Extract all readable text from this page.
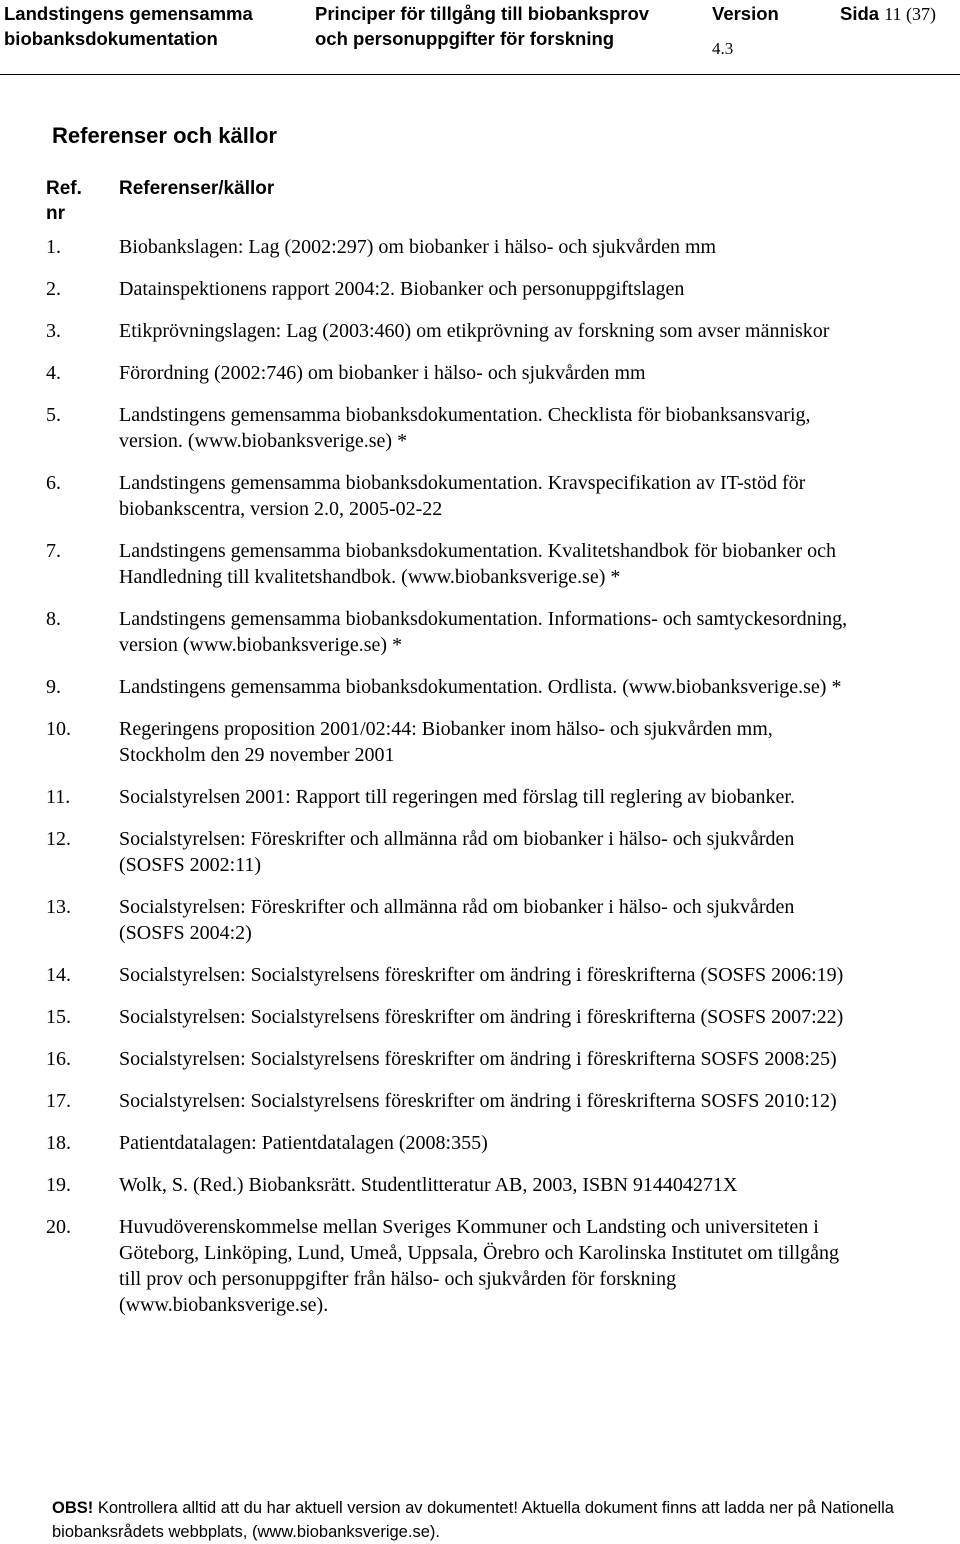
Landstingens gemensamma
biobanksdokumentation
Principer för tillgång till biobanksprov
och personuppgifter för forskning
Version
4.3
Sida 11 (37)
Referenser och källor
Ref. nr
Referenser/källor
1.	Biobankslagen: Lag (2002:297) om biobanker i hälso- och sjukvården mm
2.	Datainspektionens rapport 2004:2. Biobanker och personuppgiftslagen
3.	Etikprövningslagen: Lag (2003:460) om etikprövning av forskning som avser människor
4.	Förordning (2002:746) om biobanker i hälso- och sjukvården mm
5.	Landstingens gemensamma biobanksdokumentation. Checklista för biobanksansvarig,
version. (www.biobanksverige.se) *
6.	Landstingens gemensamma biobanksdokumentation. Kravspecifikation av IT-stöd för
biobankscentra, version 2.0, 2005-02-22
7.	Landstingens gemensamma biobanksdokumentation. Kvalitetshandbok för biobanker och
Handledning till kvalitetshandbok. (www.biobanksverige.se) *
8.	Landstingens gemensamma biobanksdokumentation. Informations- och samtyckesordning,
version (www.biobanksverige.se) *
9.	Landstingens gemensamma biobanksdokumentation. Ordlista. (www.biobanksverige.se) *
10.	Regeringens proposition 2001/02:44: Biobanker inom hälso- och sjukvården mm,
Stockholm den 29 november 2001
11.	Socialstyrelsen 2001: Rapport till regeringen med förslag till reglering av biobanker.
12.	Socialstyrelsen: Föreskrifter och allmänna råd om biobanker i hälso- och sjukvården
(SOSFS 2002:11)
13.	Socialstyrelsen: Föreskrifter och allmänna råd om biobanker i hälso- och sjukvården
(SOSFS 2004:2)
14.	Socialstyrelsen: Socialstyrelsens föreskrifter om ändring i föreskrifterna (SOSFS 2006:19)
15.	Socialstyrelsen: Socialstyrelsens föreskrifter om ändring i föreskrifterna (SOSFS 2007:22)
16.	Socialstyrelsen: Socialstyrelsens föreskrifter om ändring i föreskrifterna SOSFS 2008:25)
17.	Socialstyrelsen: Socialstyrelsens föreskrifter om ändring i föreskrifterna SOSFS 2010:12)
18.	Patientdatalagen: Patientdatalagen (2008:355)
19.	Wolk, S. (Red.) Biobanksrätt. Studentlitteratur AB, 2003, ISBN 914404271X
20.	Huvudöverenskommelse mellan Sveriges Kommuner och Landsting och universiteten i
Göteborg, Linköping, Lund, Umeå, Uppsala, Örebro och Karolinska Institutet om tillgång
till prov och personuppgifter från hälso- och sjukvården för forskning
(www.biobanksverige.se).
OBS! Kontrollera alltid att du har aktuell version av dokumentet! Aktuella dokument finns att ladda ner på Nationella biobanksrådets webbplats, (www.biobanksverige.se).
